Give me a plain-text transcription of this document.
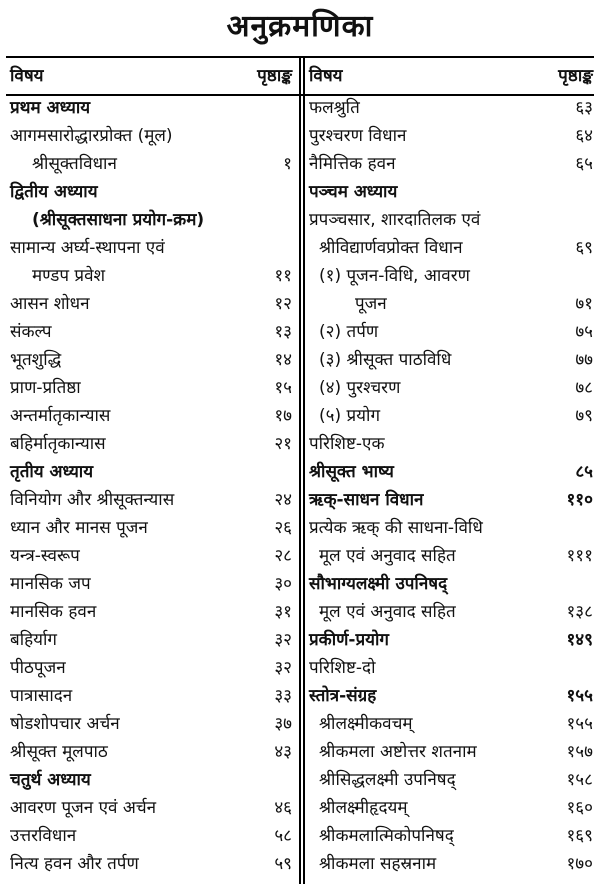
अनुक्रमणिका
विषय	पृष्ठाङ्क
प्रथम अध्याय
आगमसारोद्धारप्रोक्त (मूल)
श्रीसूक्तविधान	१
द्वितीय अध्याय
(श्रीसूक्तसाधना प्रयोग-क्रम)
सामान्य अर्घ्य-स्थापना एवं
मण्डप प्रवेश	११
आसन शोधन	१२
संकल्प	१३
भूतशुद्धि	१४
प्राण-प्रतिष्ठा	१५
अन्तर्मातृकान्यास	१७
बहिर्मातृकान्यास	२१
तृतीय अध्याय
विनियोग और श्रीसूक्तन्यास	२४
ध्यान और मानस पूजन	२६
यन्त्र-स्वरूप	२८
मानसिक जप	३०
मानसिक हवन	३१
बहिर्याग	३२
पीठपूजन	३२
पात्रासादन	३३
षोडशोपचार अर्चन	३७
श्रीसूक्त मूलपाठ	४३
चतुर्थ अध्याय
आवरण पूजन एवं अर्चन	४६
उत्तरविधान	५८
नित्य हवन और तर्पण	५९
विषय	पृष्ठाङ्क
फलश्रुति	६३
पुरश्चरण विधान	६४
नैमित्तिक हवन	६५
पञ्चम अध्याय
प्रपञ्चसार, शारदातिलक एवं
श्रीविद्यार्णवप्रोक्त विधान	६९
(१) पूजन-विधि, आवरण
पूजन	७१
(२) तर्पण	७५
(३) श्रीसूक्त पाठविधि	७७
(४) पुरश्चरण	७८
(५) प्रयोग	७९
परिशिष्ट-एक
श्रीसूक्त भाष्य	८५
ऋक्-साधन विधान	११०
प्रत्येक ऋक् की साधना-विधि
मूल एवं अनुवाद सहित	१११
सौभाग्यलक्ष्मी उपनिषद्
मूल एवं अनुवाद सहित	१३८
प्रकीर्ण-प्रयोग	१४९
परिशिष्ट-दो
स्तोत्र-संग्रह	१५५
श्रीलक्ष्मीकवचम्	१५५
श्रीकमला अष्टोत्तर शतनाम	१५७
श्रीसिद्धलक्ष्मी उपनिषद्	१५८
श्रीलक्ष्मीहृदयम्	१६०
श्रीकमलात्मिकोपनिषद्	१६९
श्रीकमला सहस्रनाम	१७०
